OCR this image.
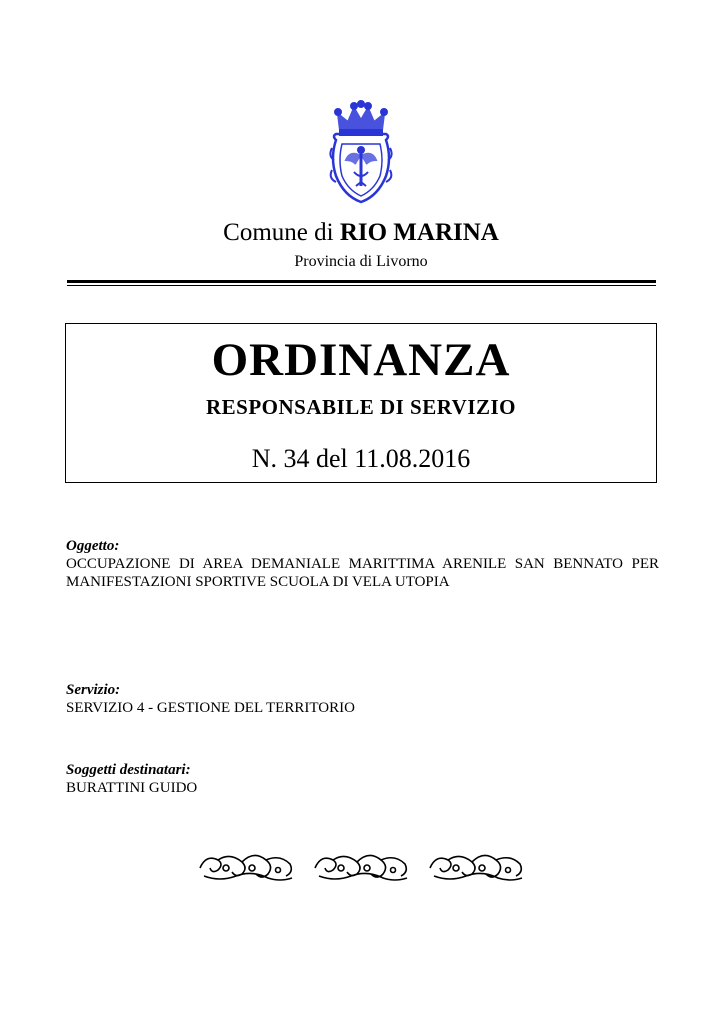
Comune di RIO MARINA
Provincia di Livorno
ORDINANZA
RESPONSABILE DI SERVIZIO
N. 34 del 11.08.2016
Oggetto:
OCCUPAZIONE DI AREA DEMANIALE MARITTIMA ARENILE SAN BENNATO PER MANIFESTAZIONI SPORTIVE SCUOLA DI VELA UTOPIA
Servizio:
SERVIZIO 4 - GESTIONE DEL TERRITORIO
Soggetti destinatari:
BURATTINI GUIDO
